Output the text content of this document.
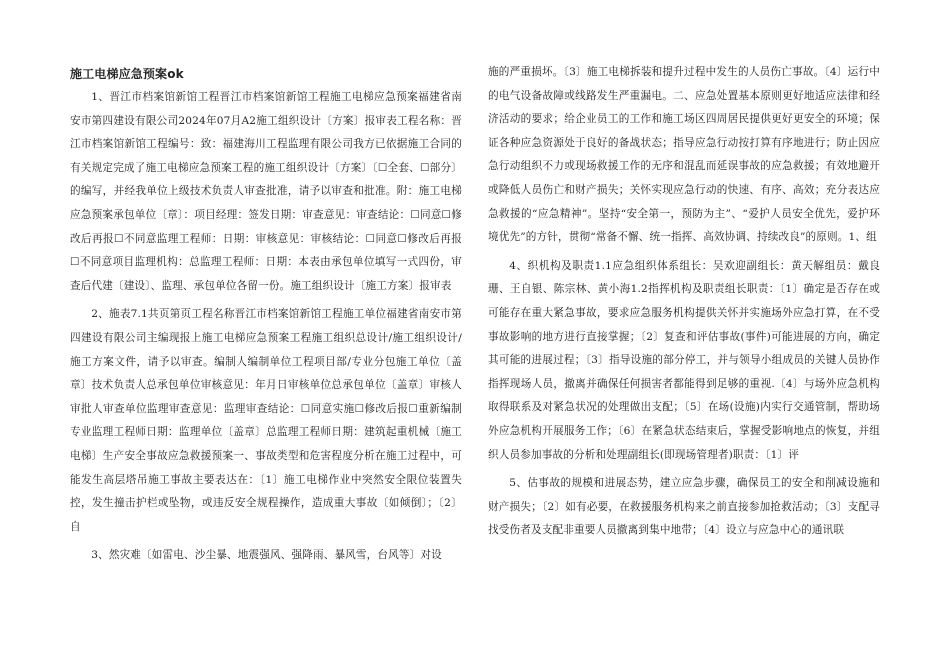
施工电梯应急预案ok

1、晋江市档案馆新馆工程晋江市档案馆新馆工程施工电梯应急预案福建省南安市第四建设有限公司2024年07月A2施工组织设计〔方案〕报审表工程名称：晋江市档案馆新馆工程编号：致：福建海川工程监理有限公司我方已依据施工合同的有关规定完成了施工电梯应急预案工程的施工组织设计〔方案〕〔☐全套、☐部分〕的编写，并经我单位上级技术负责人审查批准，请予以审查和批准。附：施工电梯应急预案承包单位〔章〕：项目经理：签发日期：审查意见：审查结论：☐同意☐修改后再报☐不同意监理工程师：日期：审核意见：审核结论：☐同意☐修改后再报☐不同意项目监理机构：总监理工程师：日期：本表由承包单位填写一式四份，审查后代建〔建设〕、监理、承包单位各留一份。施工组织设计〔施工方案〕报审表

2、施表7.1共页第页工程名称晋江市档案馆新馆工程施工单位福建省南安市第四建设有限公司主编现报上施工电梯应急预案工程施工组织总设计/施工组织设计/施工方案文件，请予以审查。编制人编制单位工程项目部/专业分包施工单位〔盖章〕技术负责人总承包单位审核意见：年月日审核单位总承包单位〔盖章〕审核人审批人审查单位监理审查意见：监理审查结论：☐同意实施☐修改后报☐重新编制专业监理工程师日期：监理单位〔盖章〕总监理工程师日期：建筑起重机械〔施工电梯〕生产安全事故应急救援预案一、事故类型和危害程度分析在施工过程中，可能发生高层塔吊施工事故主要表达在：〔1〕施工电梯作业中突然安全限位装置失控，发生撞击护栏或坠物，或违反安全规程操作，造成重大事故〔如倾倒〕；〔2〕自

3、然灾难〔如雷电、沙尘暴、地震强风、强降雨、暴风雪，台风等〕对设

施的严重损坏。〔3〕施工电梯拆装和提升过程中发生的人员伤亡事故。〔4〕运行中的电气设备故障或线路发生严重漏电。二、应急处置基本原则更好地适应法律和经济活动的要求；给企业员工的工作和施工场区四周居民提供更好更安全的环境；保证各种应急资源处于良好的备战状态；指导应急行动按打算有序地进行；防止因应急行动组织不力或现场救援工作的无序和混乱而延误事故的应急救援；有效地避开或降低人员伤亡和财产损失；关怀实现应急行动的快速、有序、高效；充分表达应急救援的“应急精神”。坚持“安全第一，预防为主”、“爱护人员安全优先，爱护环境优先”的方针，贯彻“常备不懈、统一指挥、高效协调、持续改良”的原则。1、组

4、织机构及职责1.1应急组织体系组长：吴欢迎副组长：黄天解组员：戴良珊、王自银、陈宗林、黄小海1.2指挥机构及职责组长职责：〔1〕确定是否存在或可能存在重大紧急事故，要求应急服务机构提供关怀并实施场外应急打算，在不受事故影响的地方进行直接掌握；〔2〕复查和评估事故(事件)可能进展的方向，确定其可能的进展过程；〔3〕指导设施的部分停工，并与领导小组成员的关键人员协作指挥现场人员，撤离并确保任何损害者都能得到足够的重视.〔4〕与场外应急机构取得联系及对紧急状况的处理做出支配；〔5〕在场(设施)内实行交通管制，帮助场外应急机构开展服务工作；〔6〕在紧急状态结束后，掌握受影响地点的恢复，并组织人员参加事故的分析和处理副组长(即现场管理者)职责：〔1〕评

5、估事故的规模和进展态势，建立应急步骤，确保员工的安全和削减设施和财产损失；〔2〕如有必要，在救援服务机构来之前直接参加抢救活动；〔3〕支配寻找受伤者及支配非重要人员撤离到集中地带；〔4〕设立与应急中心的通讯联
